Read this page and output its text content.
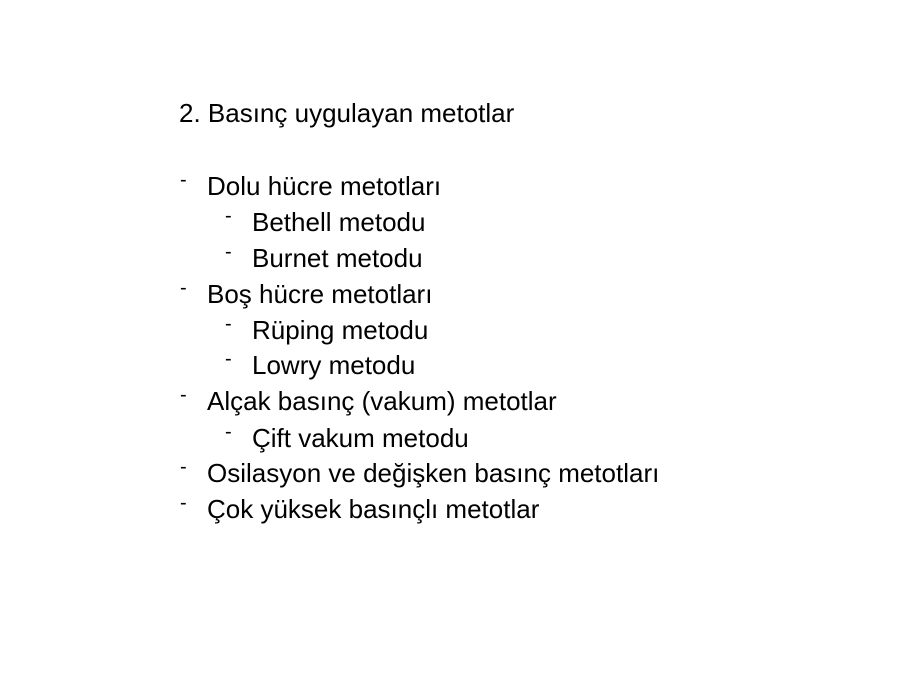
2. Basınç uygulayan metotlar
- Dolu hücre metotları
- Bethell metodu
- Burnet metodu
- Boş hücre metotları
- Rüping metodu
- Lowry metodu
- Alçak basınç (vakum) metotlar
- Çift vakum metodu
- Osilasyon ve değişken basınç metotları
- Çok yüksek basınçlı metotlar
